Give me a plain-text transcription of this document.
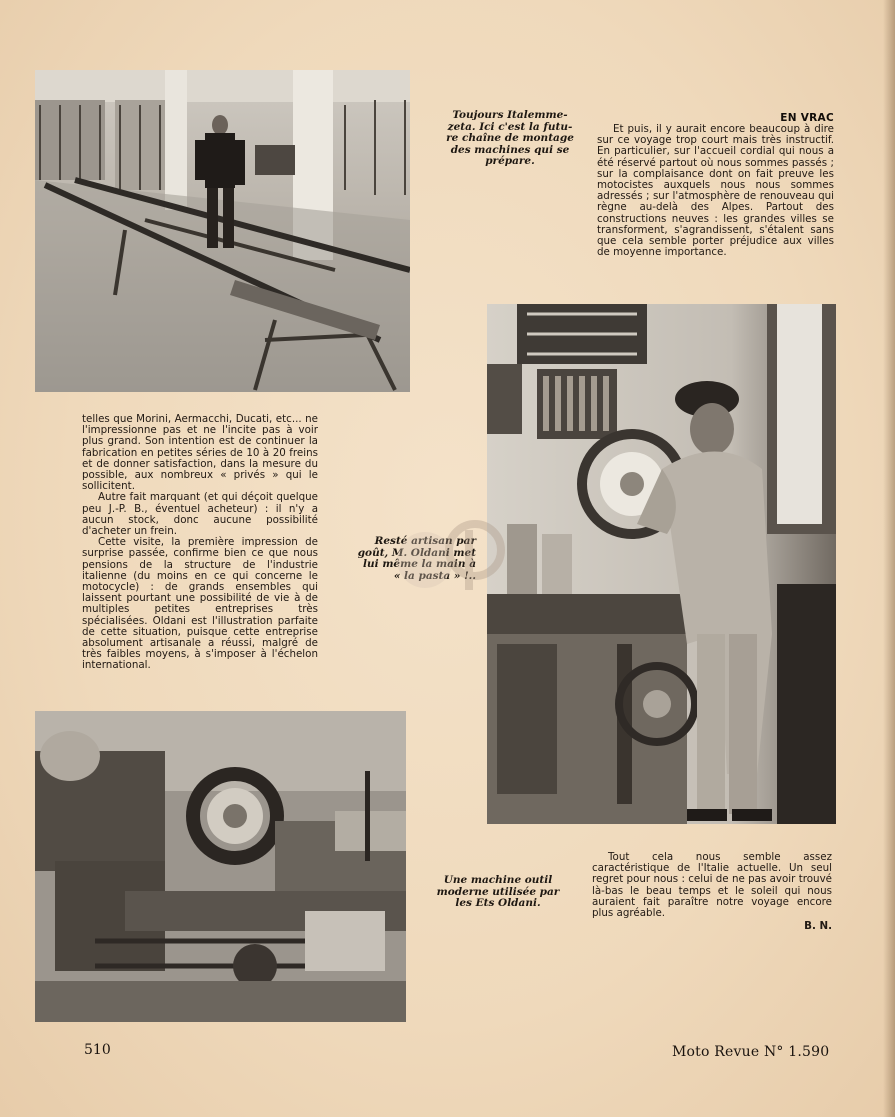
Toujours Italemme-
zeta. Ici c'est la futu-
re chaîne de montage
des machines qui se
prépare.
EN VRAC

Et puis, il y aurait encore beaucoup à dire sur ce voyage trop court mais très instructif. En particulier, sur l'accueil cordial qui nous a été réservé partout où nous sommes passés ; sur la complaisance dont on fait preuve les motocistes auxquels nous nous sommes adressés ; sur l'atmosphère de renouveau qui règne au-delà des Alpes. Partout des constructions neuves : les grandes villes se transforment, s'agrandissent, s'étalent sans que cela semble porter préjudice aux villes de moyenne importance.

Resté artisan par
goût, M. Oldani met
lui même la main à
« la pasta » !..

telles que Morini, Aermacchi, Ducati, etc... ne l'impressionne pas et ne l'incite pas à voir plus grand. Son intention est de continuer la fabrication en petites séries de 10 à 20 freins et de donner satisfaction, dans la mesure du possible, aux nombreux « privés » qui le sollicitent.

Autre fait marquant (et qui déçoit quelque peu J.-P. B., éventuel acheteur) : il n'y a aucun stock, donc aucune possibilité d'acheter un frein.

Cette visite, la première impression de surprise passée, confirme bien ce que nous pensions de la structure de l'industrie italienne (du moins en ce qui concerne le motocycle) : de grands ensembles qui laissent pourtant une possibilité de vie à de multiples petites entreprises très spécialisées. Oldani est l'illustration parfaite de cette situation, puisque cette entreprise absolument artisanale a réussi, malgré de très faibles moyens, à s'imposer à l'échelon international.

Une machine outil
moderne utilisée par
les Ets Oldani.

Tout cela nous semble assez caractéristique de l'Italie actuelle. Un seul regret pour nous : celui de ne pas avoir trouvé là-bas le beau temps et le soleil qui nous auraient fait paraître notre voyage encore plus agréable.

B. N.
510	Moto Revue N° 1.590
